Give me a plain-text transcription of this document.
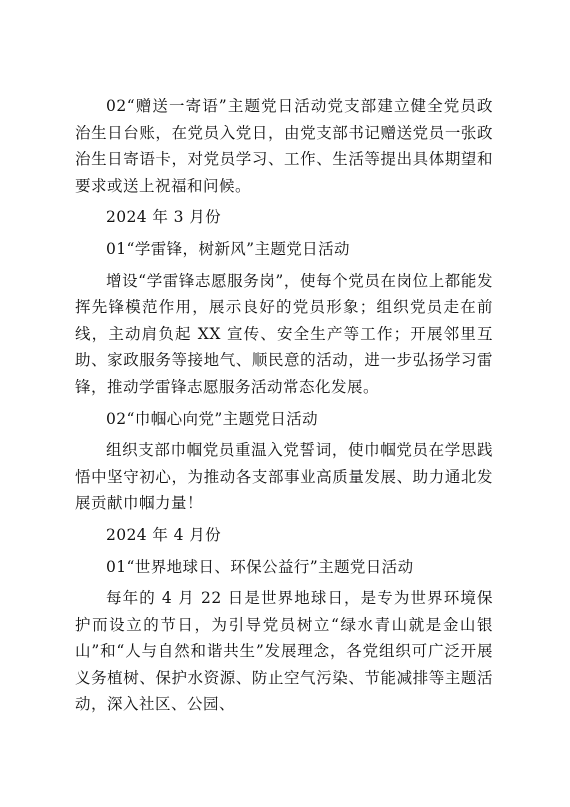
02“赠送一寄语”主题党日活动党支部建立健全党员政治生日台账，在党员入党日，由党支部书记赠送党员一张政治生日寄语卡，对党员学习、工作、生活等提出具体期望和要求或送上祝福和问候。

2024 年 3 月份

01“学雷锋，树新风”主题党日活动

增设“学雷锋志愿服务岗”，使每个党员在岗位上都能发挥先锋模范作用，展示良好的党员形象；组织党员走在前线，主动肩负起 XX 宣传、安全生产等工作；开展邻里互助、家政服务等接地气、顺民意的活动，进一步弘扬学习雷锋，推动学雷锋志愿服务活动常态化发展。

02“巾帼心向党”主题党日活动

组织支部巾帼党员重温入党誓词，使巾帼党员在学思践悟中坚守初心，为推动各支部事业高质量发展、助力通北发展贡献巾帼力量！

2024 年 4 月份

01“世界地球日、环保公益行”主题党日活动

每年的 4 月 22 日是世界地球日，是专为世界环境保护而设立的节日，为引导党员树立“绿水青山就是金山银山”和“人与自然和谐共生”发展理念，各党组织可广泛开展义务植树、保护水资源、防止空气污染、节能减排等主题活动，深入社区、公园、
